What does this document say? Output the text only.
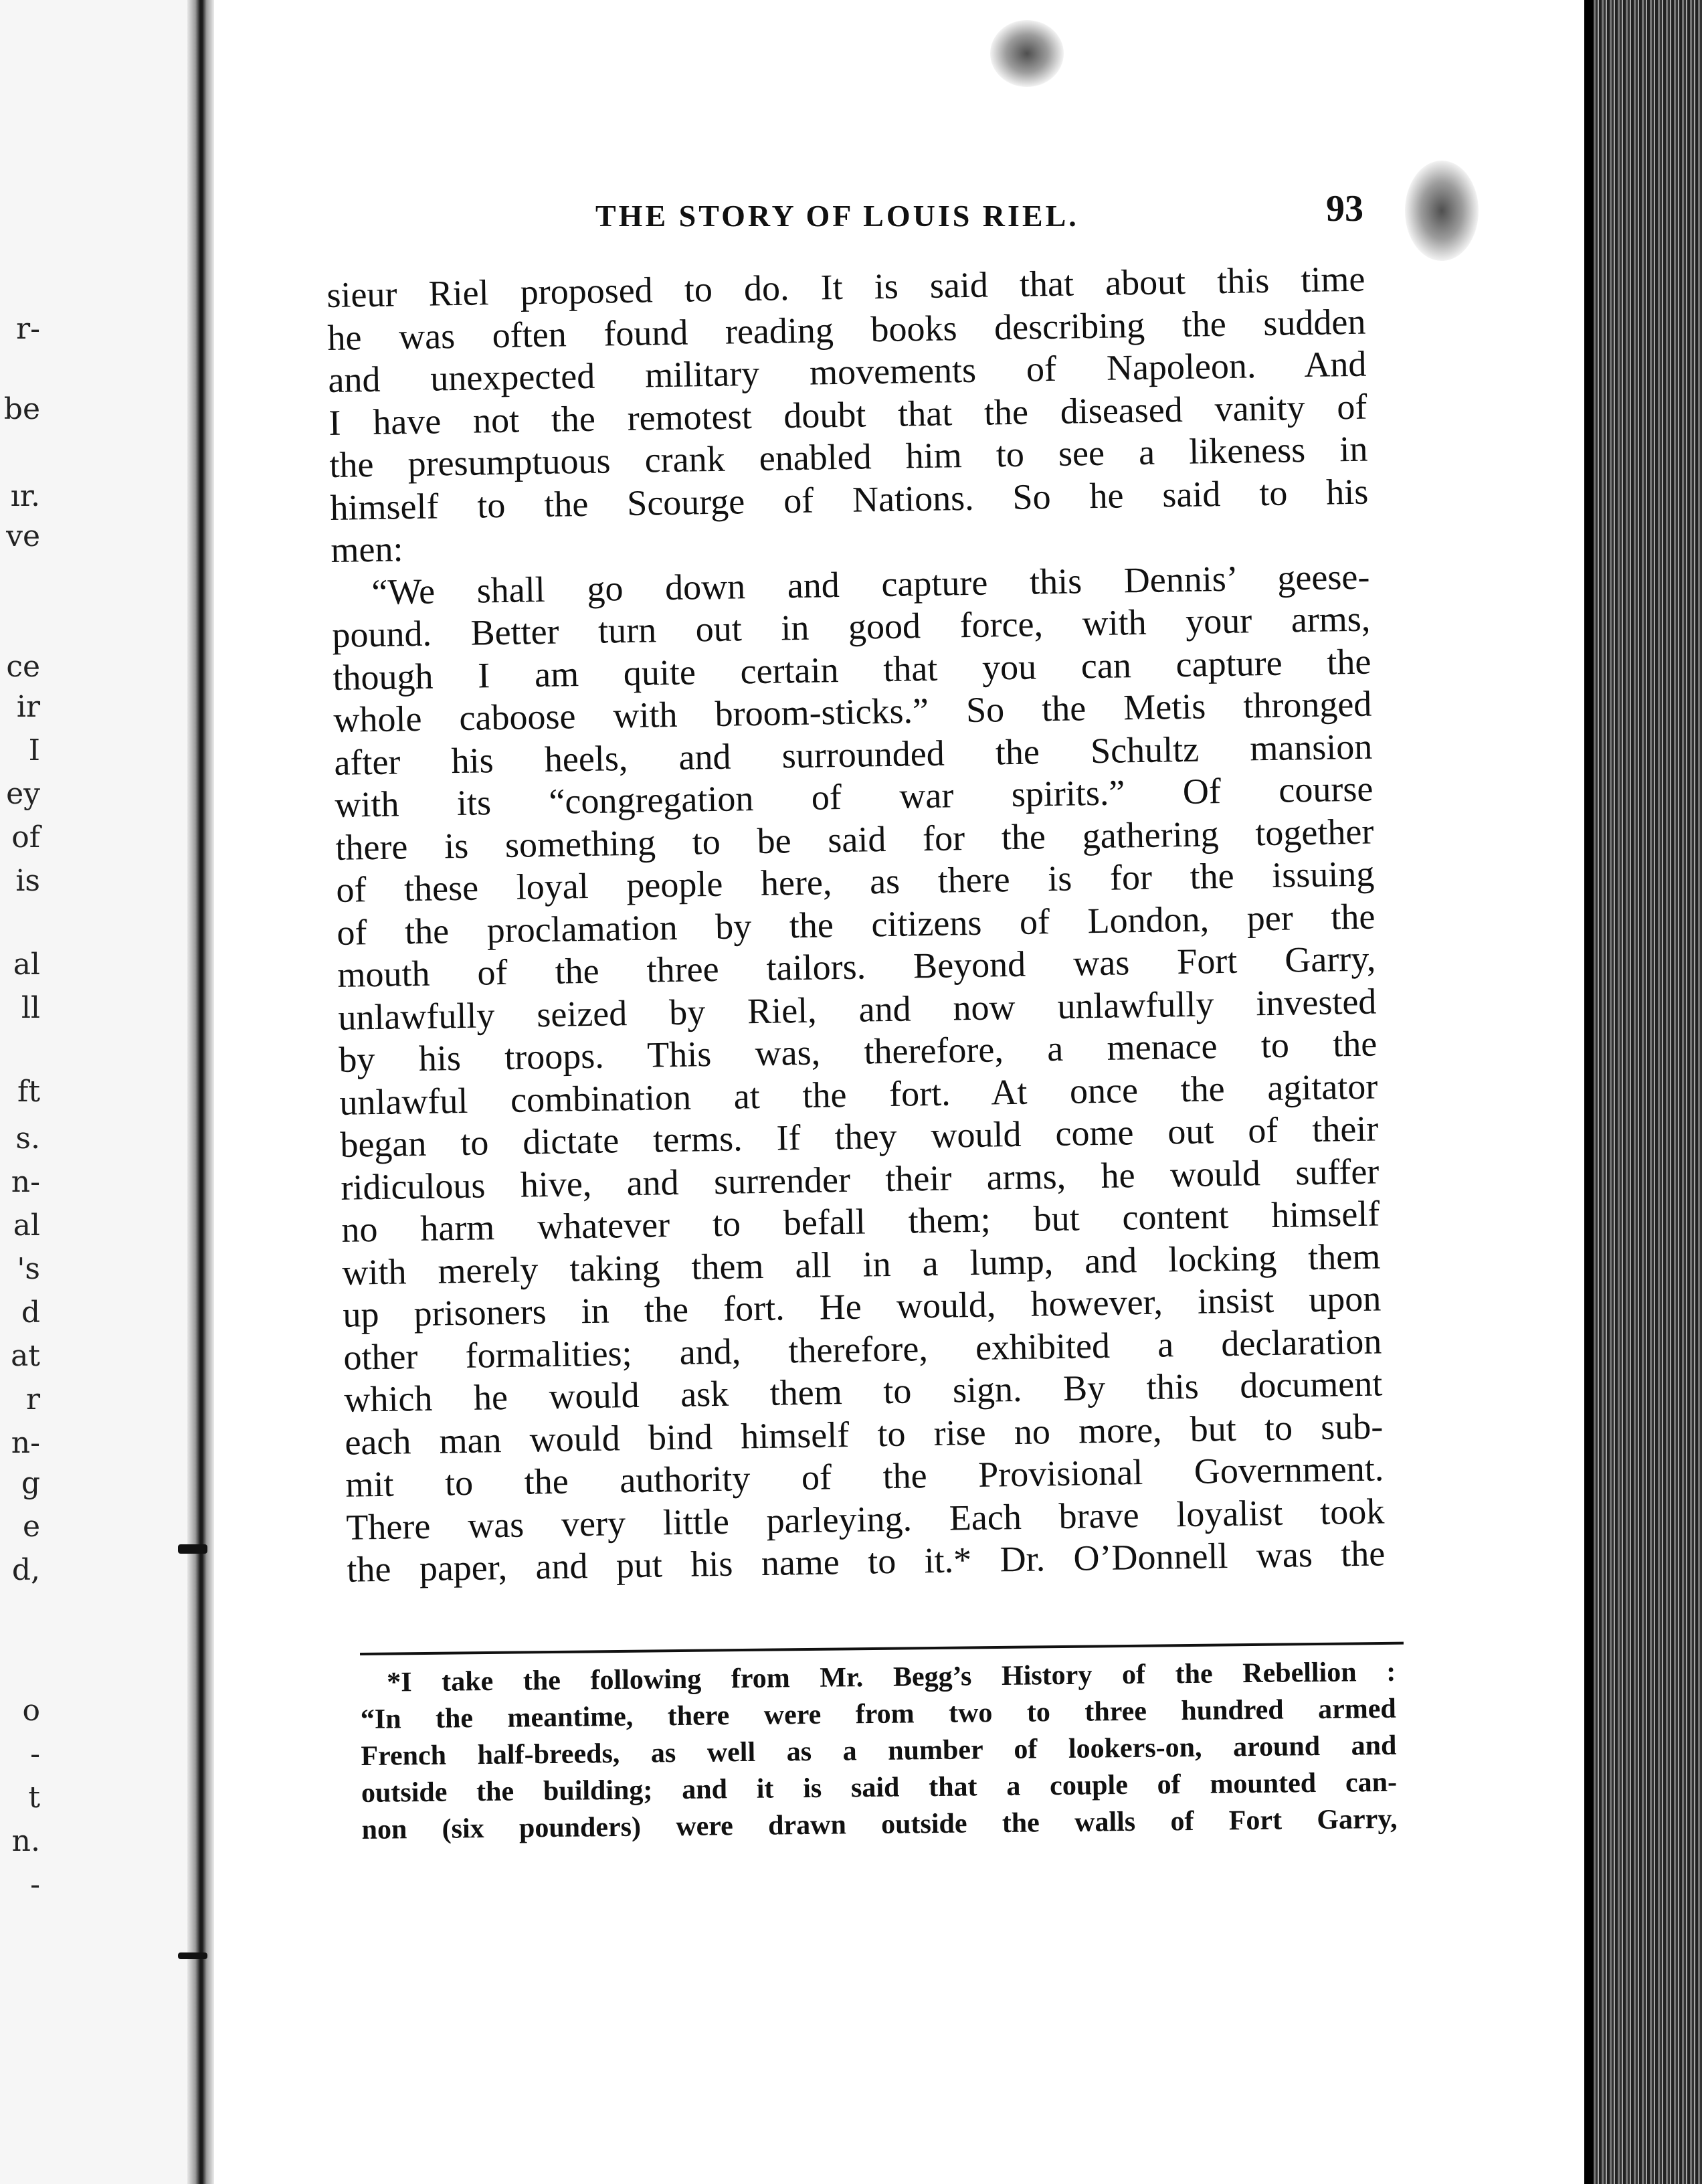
r-
be
ır.
ve
ce
ir
I
ey
of
is
al
ll
ft
s.
n-
al
's
d
at
r
n-
g
e
d,
o
-
t
n.
-
THE STORY OF LOUIS RIEL.	93
sieur Riel proposed to do. It is said that about this time
he was often found reading books describing the sudden
and unexpected military movements of Napoleon. And
I have not the remotest doubt that the diseased vanity of
the presumptuous crank enabled him to see a likeness in
himself to the Scourge of Nations. So he said to his
men:
“We shall go down and capture this Dennis’ geese-
pound. Better turn out in good force, with your arms,
though I am quite certain that you can capture the
whole caboose with broom-sticks.” So the Metis thronged
after his heels, and surrounded the Schultz mansion
with its “congregation of war spirits.” Of course
there is something to be said for the gathering together
of these loyal people here, as there is for the issuing
of the proclamation by the citizens of London, per the
mouth of the three tailors. Beyond was Fort Garry,
unlawfully seized by Riel, and now unlawfully invested
by his troops. This was, therefore, a menace to the
unlawful combination at the fort. At once the agitator
began to dictate terms. If they would come out of their
ridiculous hive, and surrender their arms, he would suffer
no harm whatever to befall them; but content himself
with merely taking them all in a lump, and locking them
up prisoners in the fort. He would, however, insist upon
other formalities; and, therefore, exhibited a declaration
which he would ask them to sign. By this document
each man would bind himself to rise no more, but to sub-
mit to the authority of the Provisional Government.
There was very little parleying. Each brave loyalist took
the paper, and put his name to it.* Dr. O’Donnell was the
*I take the following from Mr. Begg’s History of the Rebellion :
“In the meantime, there were from two to three hundred armed
French half-breeds, as well as a number of lookers-on, around and
outside the building; and it is said that a couple of mounted can-
non (six pounders) were drawn outside the walls of Fort Garry,
